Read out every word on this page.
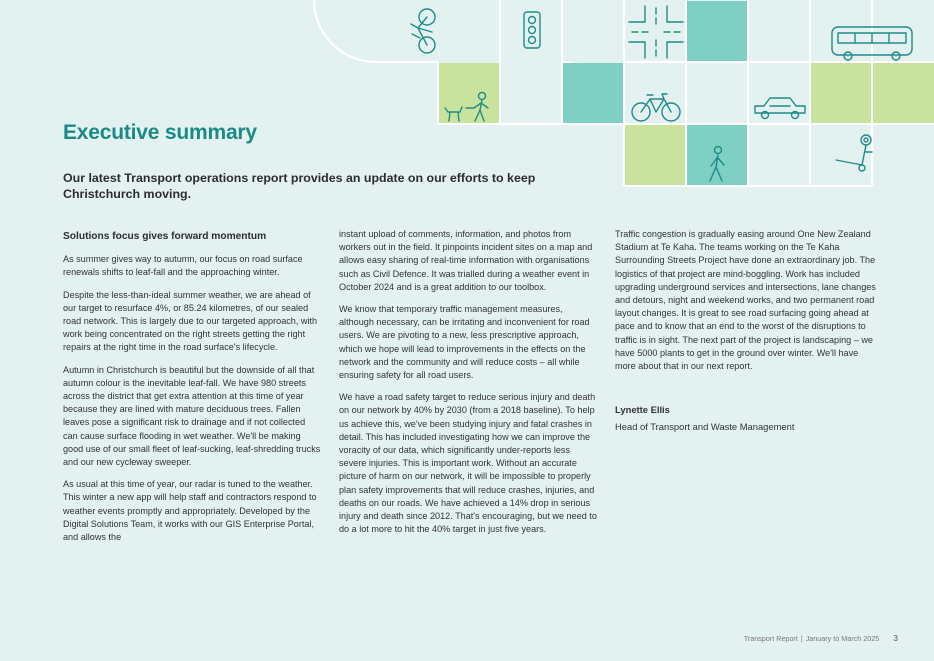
Executive summary

Our latest Transport operations report provides an update on our efforts to keep Christchurch moving.

Solutions focus gives forward momentum

As summer gives way to autumn, our focus on road surface renewals shifts to leaf-fall and the approaching winter.

Despite the less-than-ideal summer weather, we are ahead of our target to resurface 4%, or 85.24 kilometres, of our sealed road network. This is largely due to our targeted approach, with work being concentrated on the right streets getting the right repairs at the right time in the road surface's lifecycle.

Autumn in Christchurch is beautiful but the downside of all that autumn colour is the inevitable leaf-fall. We have 980 streets across the district that get extra attention at this time of year because they are lined with mature deciduous trees. Fallen leaves pose a significant risk to drainage and if not collected can cause surface flooding in wet weather. We'll be making good use of our small fleet of leaf-sucking, leaf-shredding trucks and our new cycleway sweeper.

As usual at this time of year, our radar is tuned to the weather. This winter a new app will help staff and contractors respond to weather events promptly and appropriately. Developed by the Digital Solutions Team, it works with our GIS Enterprise Portal, and allows the

instant upload of comments, information, and photos from workers out in the field. It pinpoints incident sites on a map and allows easy sharing of real-time information with organisations such as Civil Defence. It was trialled during a weather event in October 2024 and is a great addition to our toolbox.

We know that temporary traffic management measures, although necessary, can be irritating and inconvenient for road users. We are pivoting to a new, less prescriptive approach, which we hope will lead to improvements in the effects on the network and the community and will reduce costs – all while ensuring safety for all road users.

We have a road safety target to reduce serious injury and death on our network by 40% by 2030 (from a 2018 baseline). To help us achieve this, we've been studying injury and fatal crashes in detail. This has included investigating how we can improve the voracity of our data, which significantly under-reports less severe injuries. This is important work. Without an accurate picture of harm on our network, it will be impossible to properly plan safety improvements that will reduce crashes, injuries, and deaths on our roads. We have achieved a 14% drop in serious injury and death since 2012. That's encouraging, but we need to do a lot more to hit the 40% target in just five years.

Traffic congestion is gradually easing around One New Zealand Stadium at Te Kaha. The teams working on the Te Kaha Surrounding Streets Project have done an extraordinary job. The logistics of that project are mind-boggling. Work has included upgrading underground services and intersections, lane changes and detours, night and weekend works, and two permanent road layout changes. It is great to see road surfacing going ahead at pace and to know that an end to the worst of the disruptions to traffic is in sight. The next part of the project is landscaping – we have 5000 plants to get in the ground over winter. We'll have more about that in our next report.

Lynette Ellis

Head of Transport and Waste Management

Transport Report | January to March 2025 3
